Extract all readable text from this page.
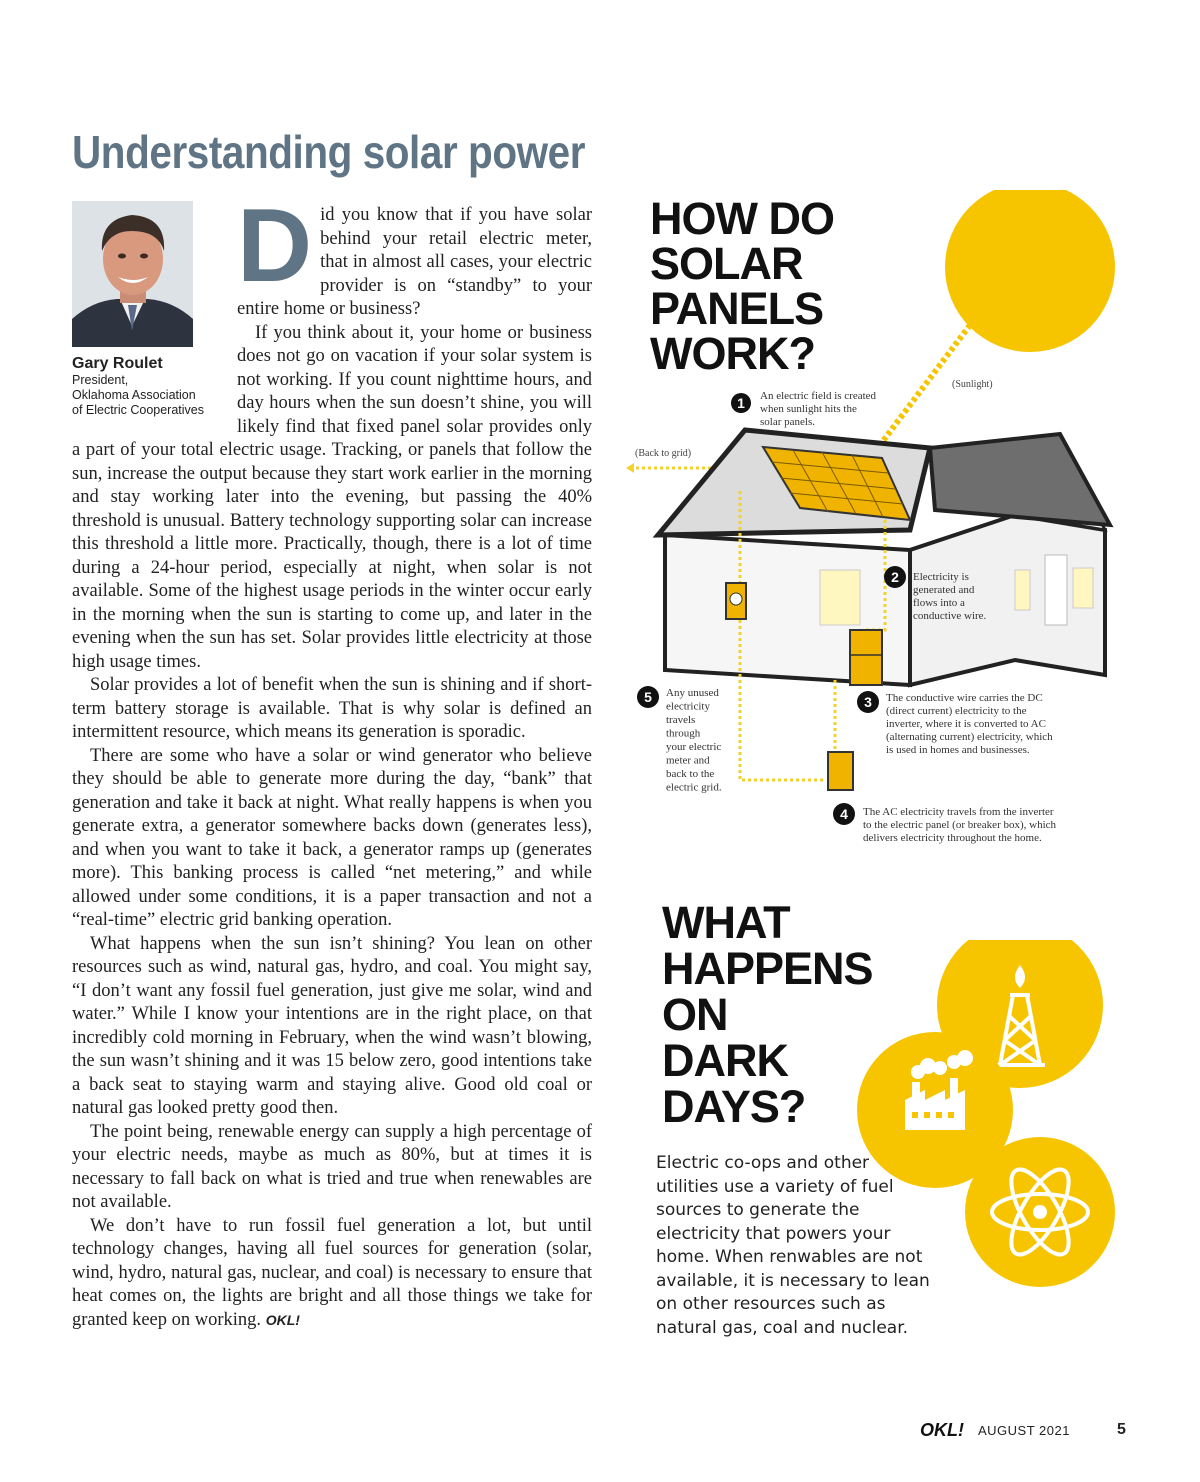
Understanding solar power
Gary Roulet
President,
Oklahoma Association
of Electric Cooperatives
D id you know that if you have solar behind your retail electric meter, that in almost all cases, your electric provider is on “standby” to your entire home or business?

If you think about it, your home or business does not go on vacation if your solar system is not working. If you count nighttime hours, and day hours when the sun doesn’t shine, you will likely find that fixed panel solar provides only a part of your total electric usage. Tracking, or panels that follow the sun, increase the output because they start work earlier in the morning and stay working later into the evening, but passing the 40% threshold is unusual. Battery technology supporting solar can increase this threshold a little more. Practically, though, there is a lot of time during a 24-hour period, especially at night, when solar is not available. Some of the highest usage periods in the winter occur early in the morning when the sun is starting to come up, and later in the evening when the sun has set. Solar provides little electricity at those high usage times.

Solar provides a lot of benefit when the sun is shining and if short-term battery storage is available. That is why solar is defined an intermittent resource, which means its generation is sporadic.

There are some who have a solar or wind generator who believe they should be able to generate more during the day, “bank” that generation and take it back at night. What really happens is when you generate extra, a generator somewhere backs down (generates less), and when you want to take it back, a generator ramps up (generates more). This banking process is called “net metering,” and while allowed under some conditions, it is a paper transaction and not a “real-time” electric grid banking operation.

What happens when the sun isn’t shining? You lean on other resources such as wind, natural gas, hydro, and coal. You might say, “I don’t want any fossil fuel generation, just give me solar, wind and water.” While I know your intentions are in the right place, on that incredibly cold morning in February, when the wind wasn’t blowing, the sun wasn’t shining and it was 15 below zero, good intentions take a back seat to staying warm and staying alive. Good old coal or natural gas looked pretty good then.

The point being, renewable energy can supply a high percentage of your electric needs, maybe as much as 80%, but at times it is necessary to fall back on what is tried and true when renewables are not available.

We don’t have to run fossil fuel generation a lot, but until technology changes, having all fuel sources for generation (solar, wind, hydro, natural gas, nuclear, and coal) is necessary to ensure that heat comes on, the lights are bright and all those things we take for granted keep on working. OKL!

(Sunlight)
(Back to grid)
1 An electric field is created when sunlight hits the solar panels.
2 Electricity is generated and flows into a conductive wire.
3 The conductive wire carries the DC (direct current) electricity to the inverter, where it is converted to AC (alternating current) electricity, which is used in homes and businesses.
4 The AC electricity travels from the inverter to the electric panel (or breaker box), which delivers electricity throughout the home.
5 Any unused electricity travels through your electric meter and back to the electric grid.
HOW DO
SOLAR
PANELS
WORK?
WHAT
HAPPENS
ON
DARK
DAYS?
Electric co-ops and other utilities use a variety of fuel sources to generate the electricity that powers your home. When renwables are not available, it is necessary to lean on other resources such as natural gas, coal and nuclear.
OKL! AUGUST 2021	5
